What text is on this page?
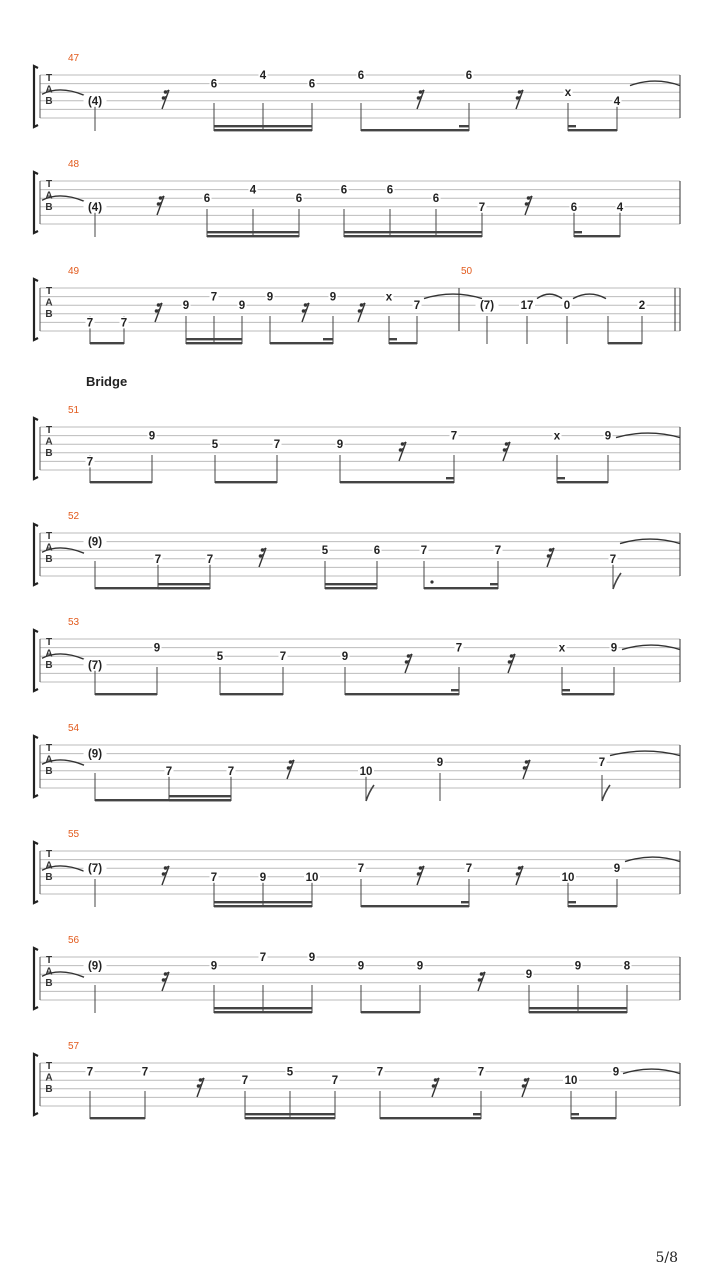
Bridge
T
A
B
47
(4)
6
4
6
6	6
x
4
T
A
B
48
(4)
6
4
6
6	6
6
7	6	4
T
A
B
49	50
7 7
9
7
9
9	9	x
7	(7) 17	0	2
T
A
B
51
7
9
5	7	9
7	x	9
T
A
B
52
(9)
7	7
5	6	7	7
7
T
A
B
53
(7)
9
5	7	9
7	x	9
T
A
B
54
(9)
7	7	10
9	7
T
A
B
55
(7)
7	9	10
7	7
10
9
T
A
B
56
(9)	9
7	9
9	9
9
9	8
T
A
B
57
7	7
7
5
7
7	7
10
9
5/8
